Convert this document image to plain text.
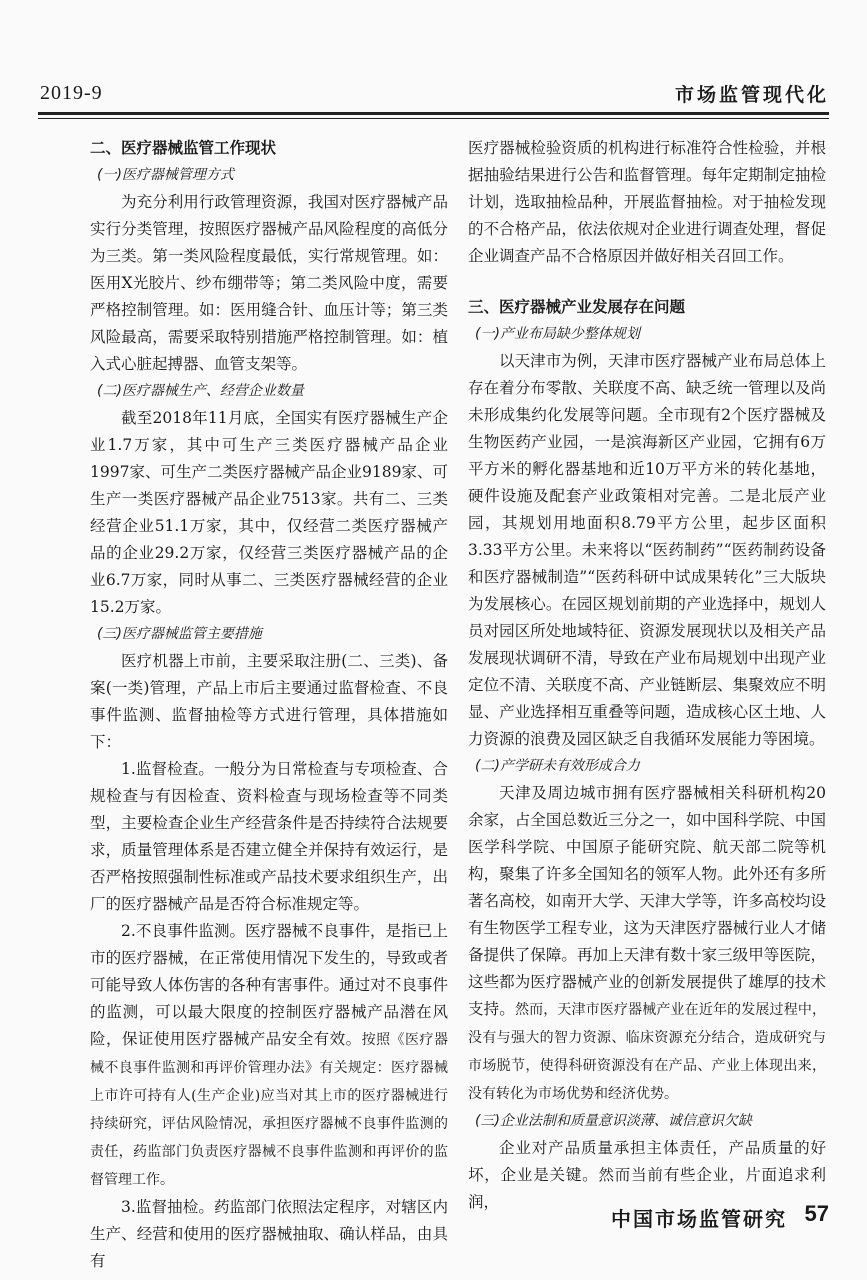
2019-9	市场监管现代化

二、医疗器械监管工作现状

(一)医疗器械管理方式

为充分利用行政管理资源，我国对医疗器械产品实行分类管理，按照医疗器械产品风险程度的高低分为三类。第一类风险程度最低，实行常规管理。如：医用X光胶片、纱布绷带等；第二类风险中度，需要严格控制管理。如：医用缝合针、血压计等；第三类风险最高，需要采取特别措施严格控制管理。如：植入式心脏起搏器、血管支架等。

(二)医疗器械生产、经营企业数量

截至2018年11月底，全国实有医疗器械生产企业1.7万家，其中可生产三类医疗器械产品企业1997家、可生产二类医疗器械产品企业9189家、可生产一类医疗器械产品企业7513家。共有二、三类经营企业51.1万家，其中，仅经营二类医疗器械产品的企业29.2万家，仅经营三类医疗器械产品的企业6.7万家，同时从事二、三类医疗器械经营的企业15.2万家。

(三)医疗器械监管主要措施

医疗机器上市前，主要采取注册(二、三类)、备案(一类)管理，产品上市后主要通过监督检查、不良事件监测、监督抽检等方式进行管理，具体措施如下：

1.监督检查。一般分为日常检查与专项检查、合规检查与有因检查、资料检查与现场检查等不同类型，主要检查企业生产经营条件是否持续符合法规要求，质量管理体系是否建立健全并保持有效运行，是否严格按照强制性标准或产品技术要求组织生产，出厂的医疗器械产品是否符合标准规定等。

2.不良事件监测。医疗器械不良事件，是指已上市的医疗器械，在正常使用情况下发生的，导致或者可能导致人体伤害的各种有害事件。通过对不良事件的监测，可以最大限度的控制医疗器械产品潜在风险，保证使用医疗器械产品安全有效。按照《医疗器械不良事件监测和再评价管理办法》有关规定：医疗器械上市许可持有人(生产企业)应当对其上市的医疗器械进行持续研究，评估风险情况，承担医疗器械不良事件监测的责任，药监部门负责医疗器械不良事件监测和再评价的监督管理工作。

3.监督抽检。药监部门依照法定程序，对辖区内生产、经营和使用的医疗器械抽取、确认样品，由具有

医疗器械检验资质的机构进行标准符合性检验，并根据抽验结果进行公告和监督管理。每年定期制定抽检计划，选取抽检品种，开展监督抽检。对于抽检发现的不合格产品，依法依规对企业进行调查处理，督促企业调查产品不合格原因并做好相关召回工作。

三、医疗器械产业发展存在问题

(一)产业布局缺少整体规划

以天津市为例，天津市医疗器械产业布局总体上存在着分布零散、关联度不高、缺乏统一管理以及尚未形成集约化发展等问题。全市现有2个医疗器械及生物医药产业园，一是滨海新区产业园，它拥有6万平方米的孵化器基地和近10万平方米的转化基地，硬件设施及配套产业政策相对完善。二是北辰产业园，其规划用地面积8.79平方公里，起步区面积3.33平方公里。未来将以“医药制药”“医药制药设备和医疗器械制造”“医药科研中试成果转化”三大版块为发展核心。在园区规划前期的产业选择中，规划人员对园区所处地域特征、资源发展现状以及相关产品发展现状调研不清，导致在产业布局规划中出现产业定位不清、关联度不高、产业链断层、集聚效应不明显、产业选择相互重叠等问题，造成核心区土地、人力资源的浪费及园区缺乏自我循环发展能力等困境。

(二)产学研未有效形成合力

天津及周边城市拥有医疗器械相关科研机构20余家，占全国总数近三分之一，如中国科学院、中国医学科学院、中国原子能研究院、航天部二院等机构，聚集了许多全国知名的领军人物。此外还有多所著名高校，如南开大学、天津大学等，许多高校均设有生物医学工程专业，这为天津医疗器械行业人才储备提供了保障。再加上天津有数十家三级甲等医院，这些都为医疗器械产业的创新发展提供了雄厚的技术支持。然而，天津市医疗器械产业在近年的发展过程中，没有与强大的智力资源、临床资源充分结合，造成研究与市场脱节，使得科研资源没有在产品、产业上体现出来，没有转化为市场优势和经济优势。

(三)企业法制和质量意识淡薄、诚信意识欠缺

企业对产品质量承担主体责任，产品质量的好坏，企业是关键。然而当前有些企业，片面追求利润，

中国市场监管研究 57
